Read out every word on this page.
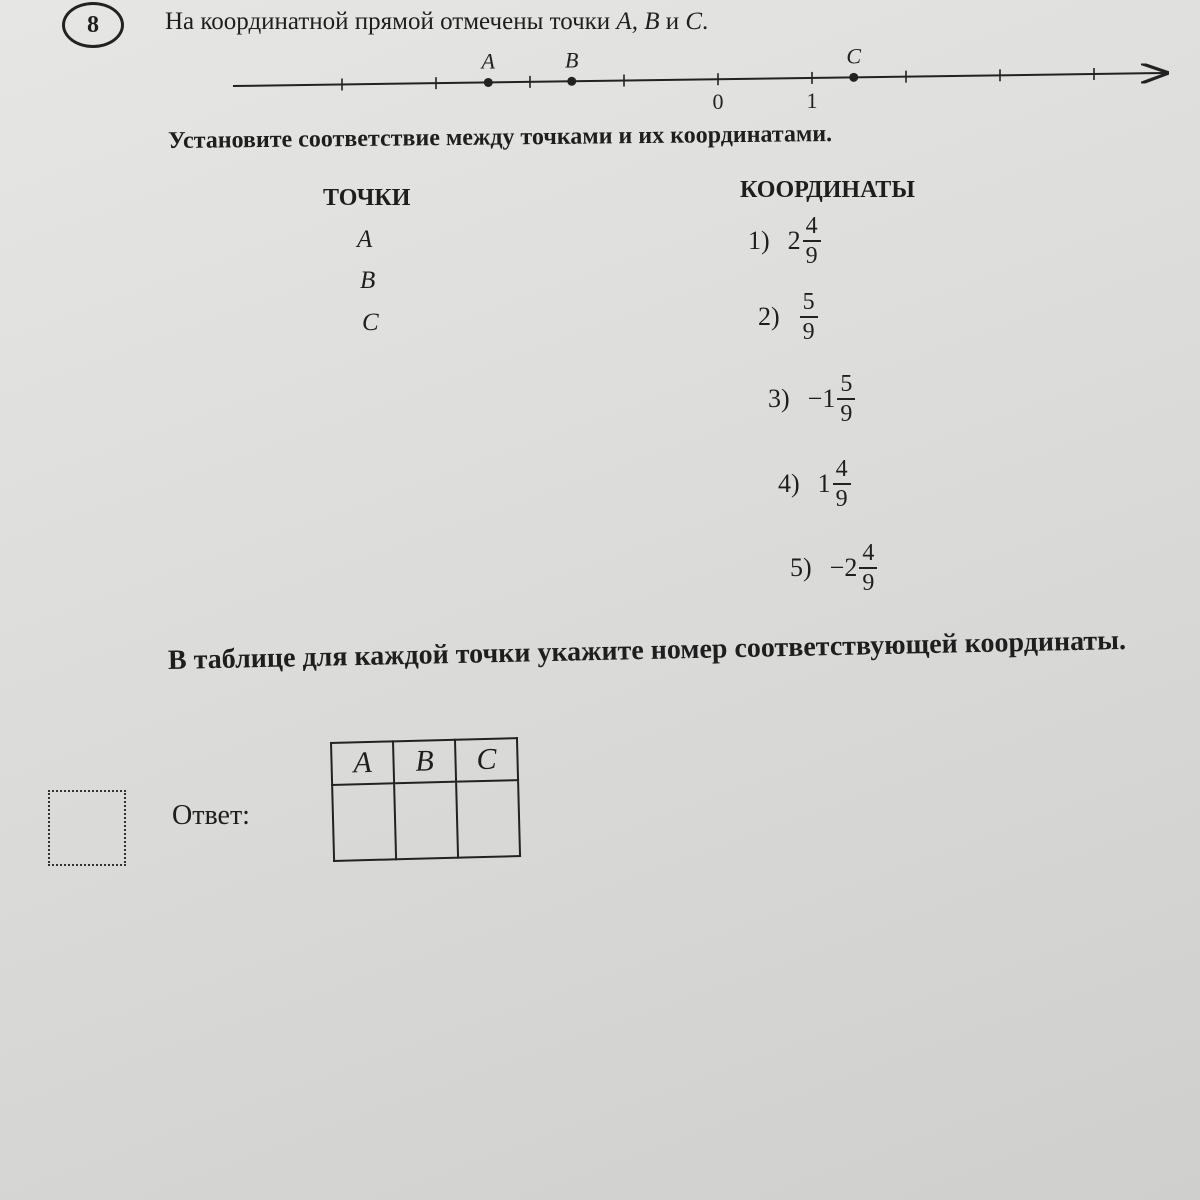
8	На координатной прямой отмечены точки A, B и C.
0	1
A	B	C
Установите соответствие между точками и их координатами.
ТОЧКИ	КООРДИНАТЫ
A
B
C
1) $2 \frac{4}{9}$
$2) \frac{5}{9}$
$3) -1 \frac{5}{9}$
4) $1 \frac{4}{9}$
$5) -2 \frac{4}{9}$
В таблице для каждой точки укажите номер соответствующей координаты.
Ответ:
A	B	C
